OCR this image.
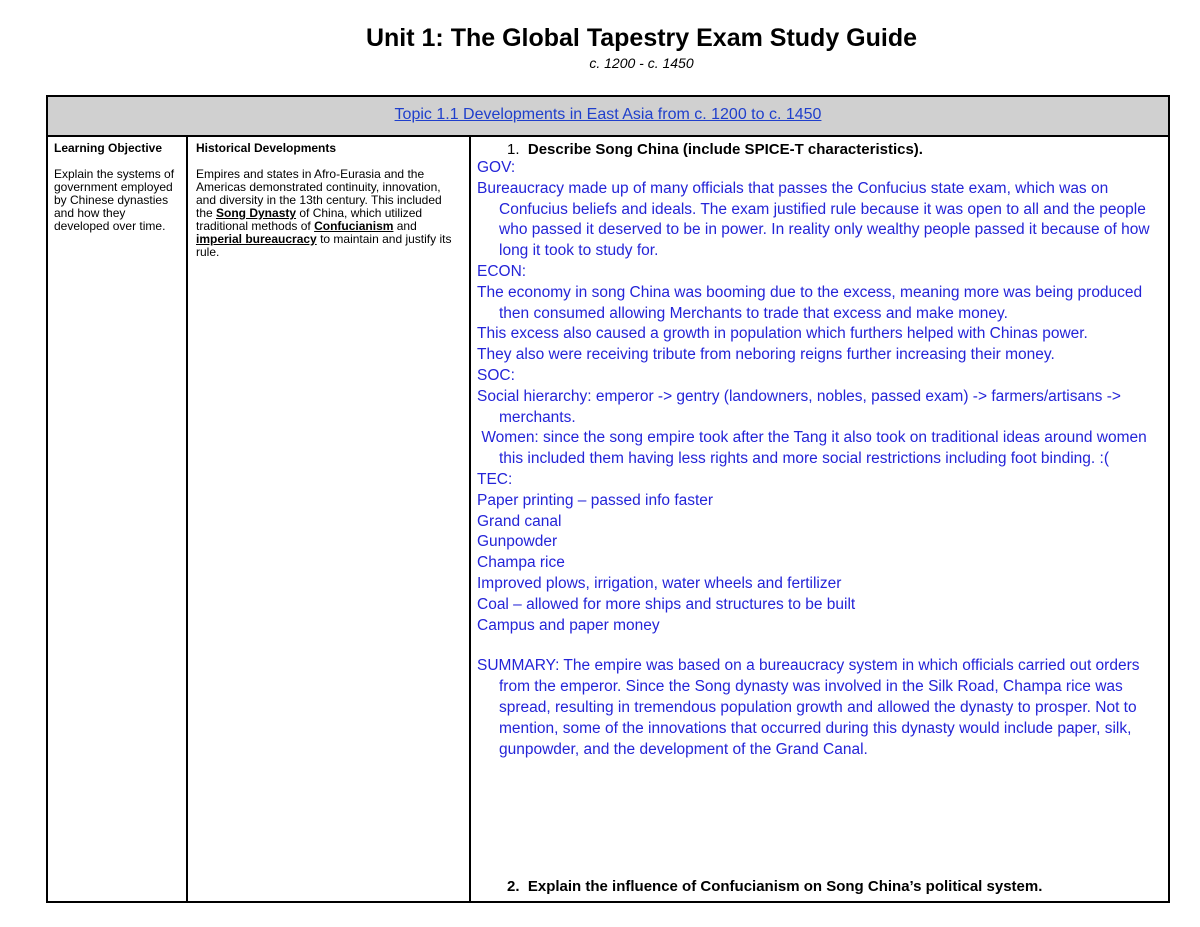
Unit 1: The Global Tapestry Exam Study Guide
c. 1200 - c. 1450
Topic 1.1 Developments in East Asia from c. 1200 to c. 1450
Learning Objective
Explain the systems of government employed by Chinese dynasties and how they developed over time.
Historical Developments
Empires and states in Afro-Eurasia and the Americas demonstrated continuity, innovation, and diversity in the 13th century. This included the Song Dynasty of China, which utilized traditional methods of Confucianism and imperial bureaucracy to maintain and justify its rule.
1. Describe Song China (include SPICE-T characteristics).

GOV:

Bureaucracy made up of many officials that passes the Confucius state exam, which was on Confucius beliefs and ideals. The exam justified rule because it was open to all and the people who passed it deserved to be in power. In reality only wealthy people passed it because of how long it took to study for.

ECON:

The economy in song China was booming due to the excess, meaning more was being produced then consumed allowing Merchants to trade that excess and make money.

This excess also caused a growth in population which furthers helped with Chinas power.

They also were receiving tribute from neboring reigns further increasing their money.

SOC:

Social hierarchy: emperor -> gentry (landowners, nobles, passed exam) -> farmers/artisans -> merchants.

Women: since the song empire took after the Tang it also took on traditional ideas around women this included them having less rights and more social restrictions including foot binding. :(

TEC:

Paper printing – passed info faster

Grand canal

Gunpowder

Champa rice

Improved plows, irrigation, water wheels and fertilizer

Coal – allowed for more ships and structures to be built

Campus and paper money

SUMMARY: The empire was based on a bureaucracy system in which officials carried out orders from the emperor. Since the Song dynasty was involved in the Silk Road, Champa rice was spread, resulting in tremendous population growth and allowed the dynasty to prosper. Not to mention, some of the innovations that occurred during this dynasty would include paper, silk, gunpowder, and the development of the Grand Canal.

2. Explain the influence of Confucianism on Song China’s political system.
